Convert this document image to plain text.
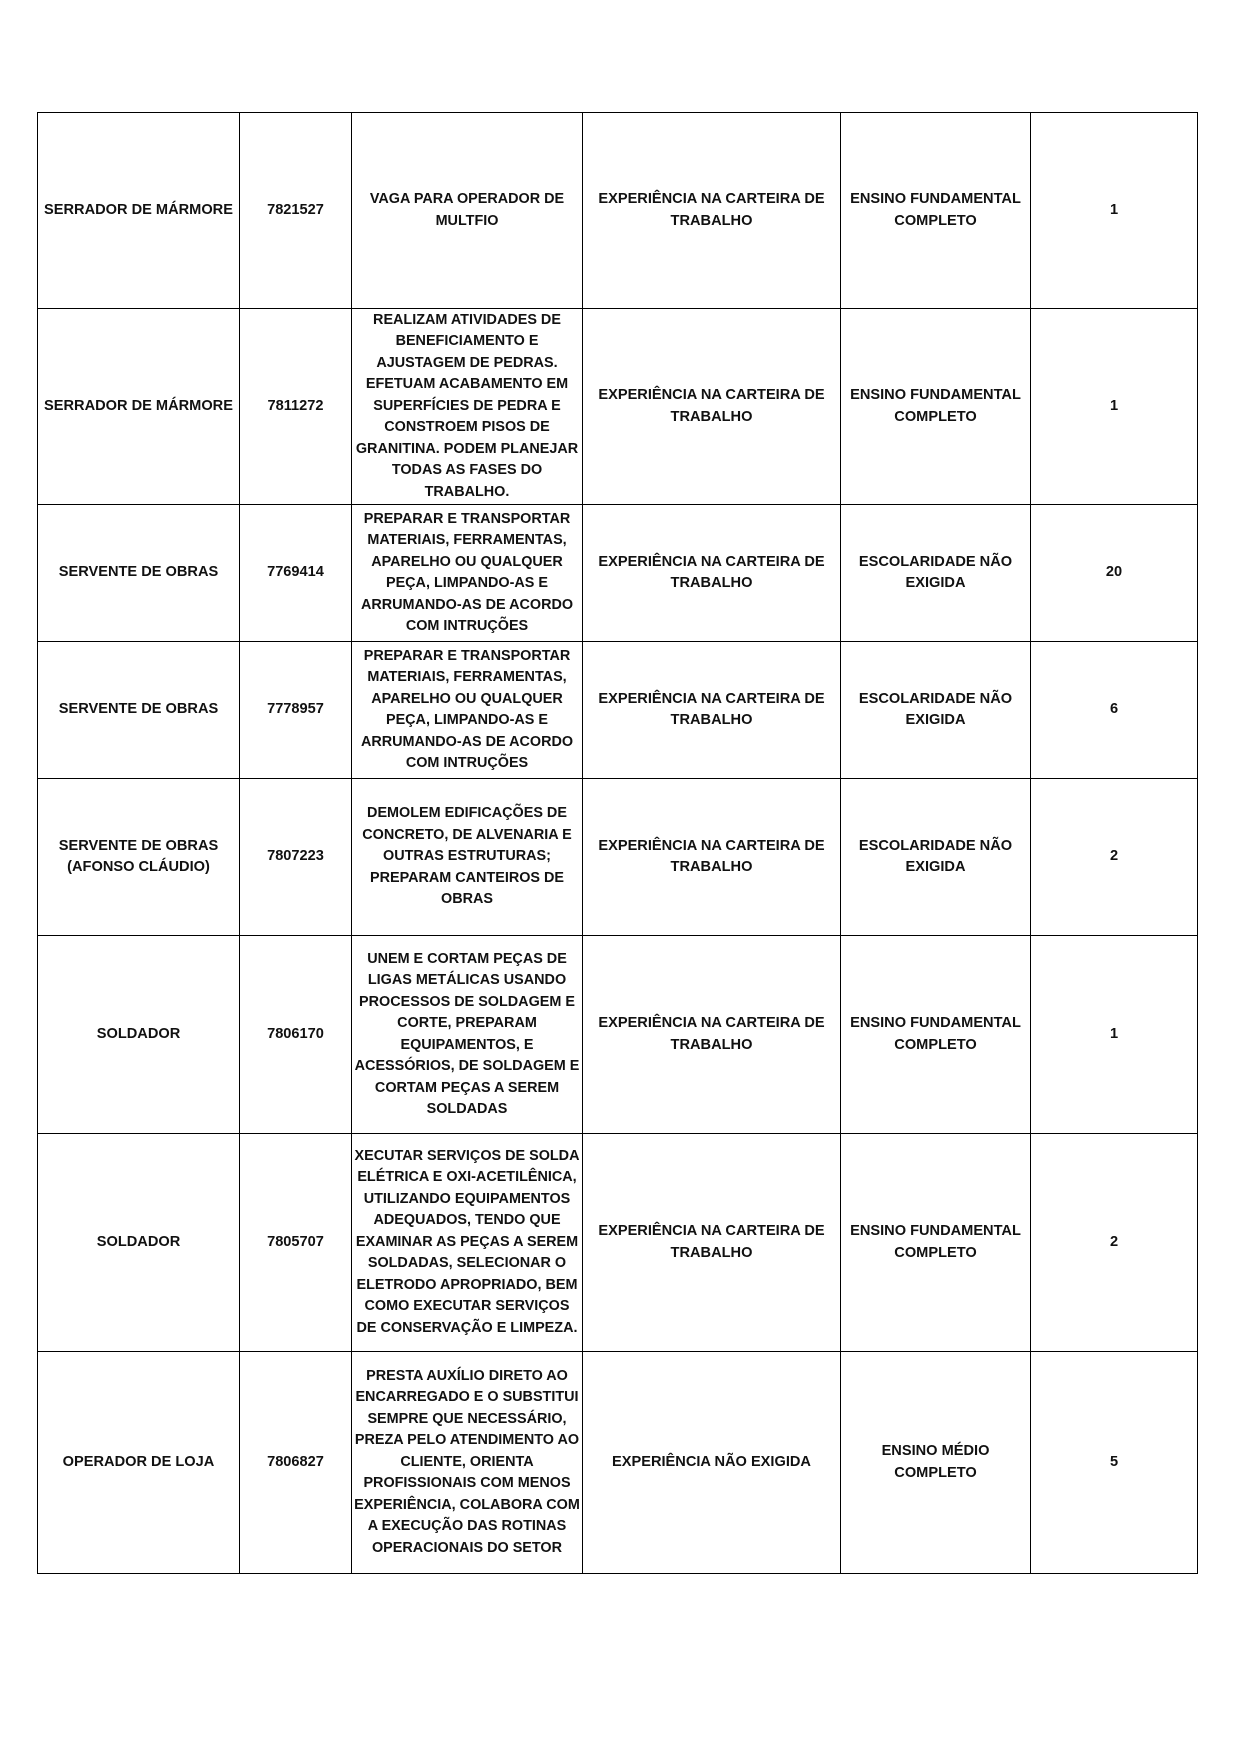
SERRADOR DE MÁRMORE	7821527	VAGA PARA OPERADOR DE MULTFIO	EXPERIÊNCIA NA CARTEIRA DE TRABALHO	ENSINO FUNDAMENTAL COMPLETO	1
SERRADOR DE MÁRMORE	7811272	REALIZAM ATIVIDADES DE BENEFICIAMENTO E AJUSTAGEM DE PEDRAS. EFETUAM ACABAMENTO EM SUPERFÍCIES DE PEDRA E CONSTROEM PISOS DE GRANITINA. PODEM PLANEJAR TODAS AS FASES DO TRABALHO.	EXPERIÊNCIA NA CARTEIRA DE TRABALHO	ENSINO FUNDAMENTAL COMPLETO	1
SERVENTE DE OBRAS	7769414	PREPARAR E TRANSPORTAR MATERIAIS, FERRAMENTAS, APARELHO OU QUALQUER PEÇA, LIMPANDO-AS E ARRUMANDO-AS DE ACORDO COM INTRUÇÕES	EXPERIÊNCIA NA CARTEIRA DE TRABALHO	ESCOLARIDADE NÃO EXIGIDA	20
SERVENTE DE OBRAS	7778957	PREPARAR E TRANSPORTAR MATERIAIS, FERRAMENTAS, APARELHO OU QUALQUER PEÇA, LIMPANDO-AS E ARRUMANDO-AS DE ACORDO COM INTRUÇÕES	EXPERIÊNCIA NA CARTEIRA DE TRABALHO	ESCOLARIDADE NÃO EXIGIDA	6
SERVENTE DE OBRAS (AFONSO CLÁUDIO)	7807223	DEMOLEM EDIFICAÇÕES DE CONCRETO, DE ALVENARIA E OUTRAS ESTRUTURAS; PREPARAM CANTEIROS DE OBRAS	EXPERIÊNCIA NA CARTEIRA DE TRABALHO	ESCOLARIDADE NÃO EXIGIDA	2
SOLDADOR	7806170	UNEM E CORTAM PEÇAS DE LIGAS METÁLICAS USANDO PROCESSOS DE SOLDAGEM E CORTE, PREPARAM EQUIPAMENTOS, E ACESSÓRIOS, DE SOLDAGEM E CORTAM PEÇAS A SEREM SOLDADAS	EXPERIÊNCIA NA CARTEIRA DE TRABALHO	ENSINO FUNDAMENTAL COMPLETO	1
SOLDADOR	7805707	XECUTAR SERVIÇOS DE SOLDA ELÉTRICA E OXI-ACETILÊNICA, UTILIZANDO EQUIPAMENTOS ADEQUADOS, TENDO QUE EXAMINAR AS PEÇAS A SEREM SOLDADAS, SELECIONAR O ELETRODO APROPRIADO, BEM COMO EXECUTAR SERVIÇOS DE CONSERVAÇÃO E LIMPEZA.	EXPERIÊNCIA NA CARTEIRA DE TRABALHO	ENSINO FUNDAMENTAL COMPLETO	2
OPERADOR DE LOJA	7806827	PRESTA AUXÍLIO DIRETO AO ENCARREGADO E O SUBSTITUI SEMPRE QUE NECESSÁRIO, PREZA PELO ATENDIMENTO AO CLIENTE, ORIENTA PROFISSIONAIS COM MENOS EXPERIÊNCIA, COLABORA COM A EXECUÇÃO DAS ROTINAS OPERACIONAIS DO SETOR	EXPERIÊNCIA NÃO EXIGIDA	ENSINO MÉDIO COMPLETO	5
